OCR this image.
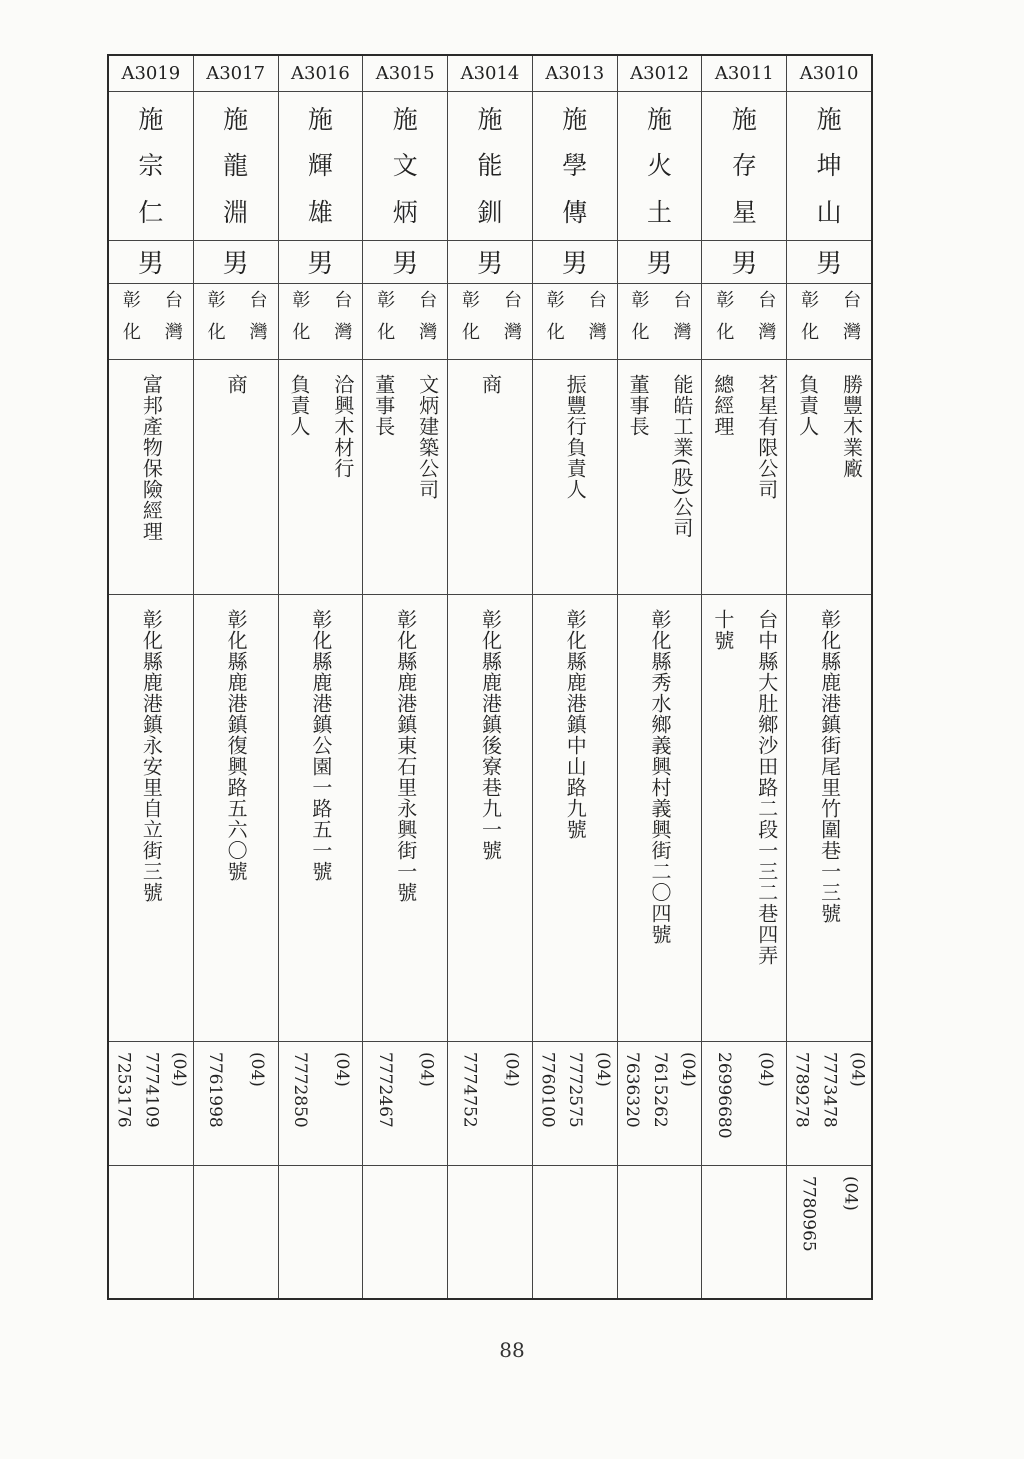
A3010
施
坤
山
男
台灣
彰化
勝豐木業廠
負責人
彰化縣鹿港鎮街尾里竹圍巷一三號
(04)
7773478
7789278
(04)
7780965
A3011
施
存
星
男
台灣
彰化
茗星有限公司
總經理
台中縣大肚鄉沙田路二段一三二巷四弄
十號
(04)
26996680
A3012
施
火
土
男
台灣
彰化
能皓工業(股)公司
董事長
彰化縣秀水鄉義興村義興街二〇四號
(04)
7615262
7636320
A3013
施
學
傳
男
台灣
彰化
振豐行負責人
彰化縣鹿港鎮中山路九號
(04)
7772575
7760100
A3014
施
能
釧
男
台灣
彰化
商
彰化縣鹿港鎮後寮巷九一號
(04)
7774752
A3015
施
文
炳
男
台灣
彰化
文炳建築公司
董事長
彰化縣鹿港鎮東石里永興街一號
(04)
7772467
A3016
施
輝
雄
男
台灣
彰化
洽興木材行
負責人
彰化縣鹿港鎮公園一路五一號
(04)
7772850
A3017
施
龍
淵
男
台灣
彰化
商
彰化縣鹿港鎮復興路五六〇號
(04)
7761998
A3019
施
宗
仁
男
台灣
彰化
富邦產物保險經理
彰化縣鹿港鎮永安里自立街三號
(04)
7774109
7253176
88
